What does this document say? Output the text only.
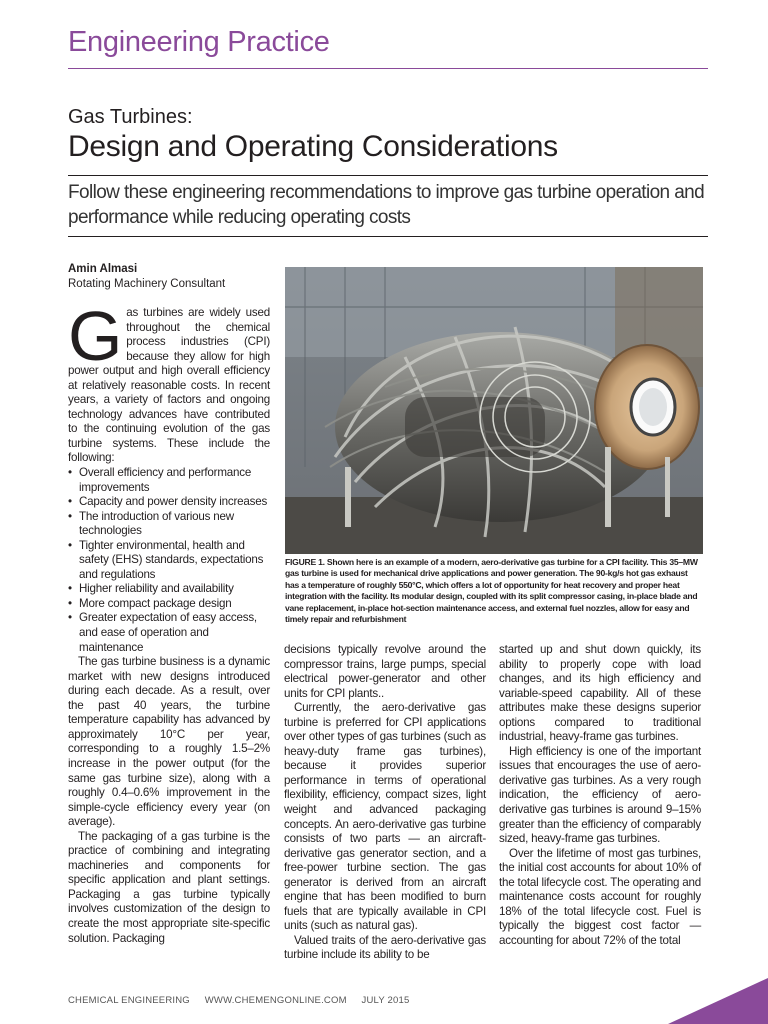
Engineering Practice
Gas Turbines:
Design and Operating Considerations
Follow these engineering recommendations to improve gas turbine operation and performance while reducing operating costs
Amin Almasi
Rotating Machinery Consultant

Gas turbines are widely used throughout the chemical process industries (CPI) because they allow for high power output and high overall efficiency at relatively reasonable costs. In recent years, a variety of factors and ongoing technology advances have contributed to the continuing evolution of the gas turbine systems. These include the following:

• Overall efficiency and performance improvements
• Capacity and power density increases
• The introduction of various new technologies
• Tighter environmental, health and safety (EHS) standards, expectations and regulations
• Higher reliability and availability
• More compact package design
• Greater expectation of easy access, and ease of operation and maintenance

The gas turbine business is a dynamic market with new designs introduced during each decade. As a result, over the past 40 years, the turbine temperature capability has advanced by approximately 10°C per year, corresponding to a roughly 1.5–2% increase in the power output (for the same gas turbine size), along with a roughly 0.4–0.6% improvement in the simple-cycle efficiency every year (on average).

The packaging of a gas turbine is the practice of combining and integrating machineries and components for specific application and plant settings. Packaging a gas turbine typically involves customization of the design to create the most appropriate site-specific solution. Packaging

FIGURE 1. Shown here is an example of a modern, aero-derivative gas turbine for a CPI facility. This 35–MW gas turbine is used for mechanical drive applications and power generation. The 90-kg/s hot gas exhaust has a temperature of roughly 550°C, which offers a lot of opportunity for heat recovery and proper heat integration with the facility. Its modular design, coupled with its split compressor casing, in-place blade and vane replacement, in-place hot-section maintenance access, and external fuel nozzles, allow for easy and timely repair and refurbishment

decisions typically revolve around the compressor trains, large pumps, special electrical power-generator and other units for CPI plants..

Currently, the aero-derivative gas turbine is preferred for CPI applications over other types of gas turbines (such as heavy-duty frame gas turbines), because it provides superior performance in terms of operational flexibility, efficiency, compact sizes, light weight and advanced packaging concepts. An aero-derivative gas turbine consists of two parts — an aircraft-derivative gas generator section, and a free-power turbine section. The gas generator is derived from an aircraft engine that has been modified to burn fuels that are typically available in CPI units (such as natural gas).

Valued traits of the aero-derivative gas turbine include its ability to be

started up and shut down quickly, its ability to properly cope with load changes, and its high efficiency and variable-speed capability. All of these attributes make these designs superior options compared to traditional industrial, heavy-frame gas turbines.

High efficiency is one of the important issues that encourages the use of aero-derivative gas turbines. As a very rough indication, the efficiency of aero-derivative gas turbines is around 9–15% greater than the efficiency of comparably sized, heavy-frame gas turbines.

Over the lifetime of most gas turbines, the initial cost accounts for about 10% of the total lifecycle cost. The operating and maintenance costs account for roughly 18% of the total lifecycle cost. Fuel is typically the biggest cost factor — accounting for about 72% of the total

CHEMICAL ENGINEERING WWW.CHEMENGONLINE.COM JULY 2015	55
